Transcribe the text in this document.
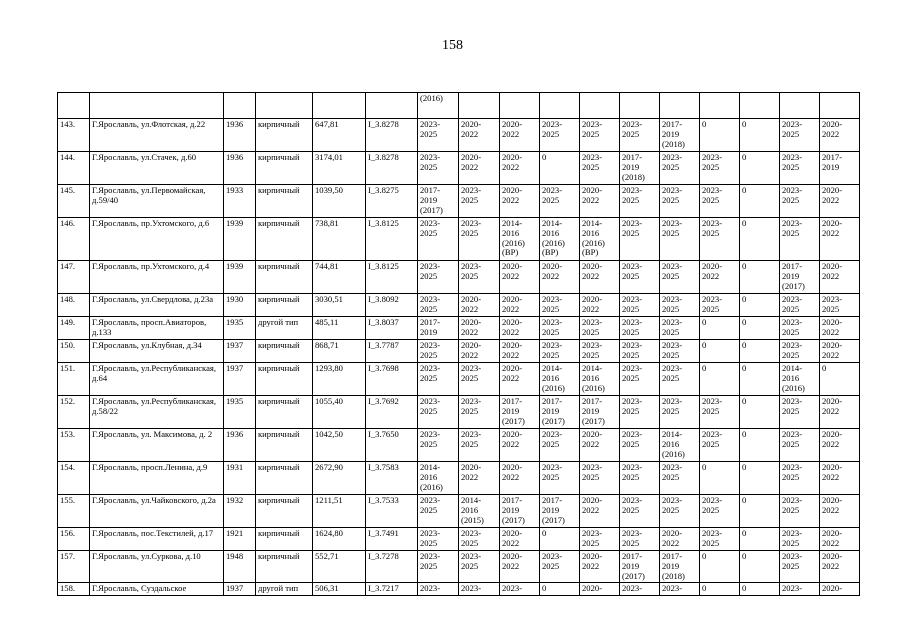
158
						(2016)										
143.	Г.Ярославль, ул.Флотская, д.22	1936	кирпичный	647,81	I_3.8278	2023-
2025	2020-
2022	2020-
2022	2023-
2025	2023-
2025	2023-
2025	2017-
2019
(2018)	0	0	2023-
2025	2020-
2022
144.	Г.Ярославль, ул.Стачек, д.60	1936	кирпичный	3174,01	I_3.8278	2023-
2025	2020-
2022	2020-
2022	0	2023-
2025	2017-
2019
(2018)	2023-
2025	2023-
2025	0	2023-
2025	2017-
2019
145.	Г.Ярославль, ул.Первомайская, д.59/40	1933	кирпичный	1039,50	I_3.8275	2017-
2019
(2017)	2023-
2025	2020-
2022	2023-
2025	2020-
2022	2023-
2025	2023-
2025	2023-
2025	0	2023-
2025	2020-
2022
146.	Г.Ярославль, пр.Ухтомского, д.6	1939	кирпичный	738,81	I_3.8125	2023-
2025	2023-
2025	2014-
2016
(2016)
(ВР)	2014-
2016
(2016)
(ВР)	2014-
2016
(2016)
(ВР)	2023-
2025	2023-
2025	2023-
2025	0	2023-
2025	2020-
2022
147.	Г.Ярославль, пр.Ухтомского, д.4	1939	кирпичный	744,81	I_3.8125	2023-
2025	2023-
2025	2020-
2022	2020-
2022	2020-
2022	2023-
2025	2023-
2025	2020-
2022	0	2017-
2019
(2017)	2020-
2022
148.	Г.Ярославль, ул.Свердлова, д.23а	1930	кирпичный	3030,51	I_3.8092	2023-
2025	2020-
2022	2020-
2022	2023-
2025	2020-
2022	2023-
2025	2023-
2025	2023-
2025	0	2023-
2025	2023-
2025
149.	Г.Ярославль, просп.Авиаторов, д.133	1935	другой тип	485,11	I_3.8037	2017-
2019	2020-
2022	2020-
2022	2023-
2025	2023-
2025	2023-
2025	2023-
2025	0	0	2023-
2025	2020-
2022
150.	Г.Ярославль, ул.Клубная, д.34	1937	кирпичный	868,71	I_3.7787	2023-
2025	2020-
2022	2020-
2022	2023-
2025	2023-
2025	2023-
2025	2023-
2025	0	0	2023-
2025	2020-
2022
151.	Г.Ярославль, ул.Республиканская, д.64	1937	кирпичный	1293,80	I_3.7698	2023-
2025	2023-
2025	2020-
2022	2014-
2016
(2016)	2014-
2016
(2016)	2023-
2025	2023-
2025	0	0	2014-
2016
(2016)	0
152.	Г.Ярославль, ул.Республиканская, д.58/22	1935	кирпичный	1055,40	I_3.7692	2023-
2025	2023-
2025	2017-
2019
(2017)	2017-
2019
(2017)	2017-
2019
(2017)	2023-
2025	2023-
2025	2023-
2025	0	2023-
2025	2020-
2022
153.	Г.Ярославль, ул. Максимова, д. 2	1936	кирпичный	1042,50	I_3.7650	2023-
2025	2023-
2025	2020-
2022	2023-
2025	2020-
2022	2023-
2025	2014-
2016
(2016)	2023-
2025	0	2023-
2025	2020-
2022
154.	Г.Ярославль, просп.Ленина, д.9	1931	кирпичный	2672,90	I_3.7583	2014-
2016
(2016)	2020-
2022	2020-
2022	2023-
2025	2023-
2025	2023-
2025	2023-
2025	0	0	2023-
2025	2020-
2022
155.	Г.Ярославль, ул.Чайковского, д.2а	1932	кирпичный	1211,51	I_3.7533	2023-
2025	2014-
2016
(2015)	2017-
2019
(2017)	2017-
2019
(2017)	2020-
2022	2023-
2025	2023-
2025	2023-
2025	0	2023-
2025	2020-
2022
156.	Г.Ярославль, пос.Текстилей, д.17	1921	кирпичный	1624,80	I_3.7491	2023-
2025	2023-
2025	2020-
2022	0	2023-
2025	2023-
2025	2020-
2022	2023-
2025	0	2023-
2025	2020-
2022
157.	Г.Ярославль, ул.Суркова, д.10	1948	кирпичный	552,71	I_3.7278	2023-
2025	2023-
2025	2020-
2022	2023-
2025	2020-
2022	2017-
2019
(2017)	2017-
2019
(2018)	0	0	2023-
2025	2020-
2022
158.	Г.Ярославль, Суздальское	1937	другой тип	506,31	I_3.7217	2023-	2023-	2023-	0	2020-	2023-	2023-	0	0	2023-	2020-
